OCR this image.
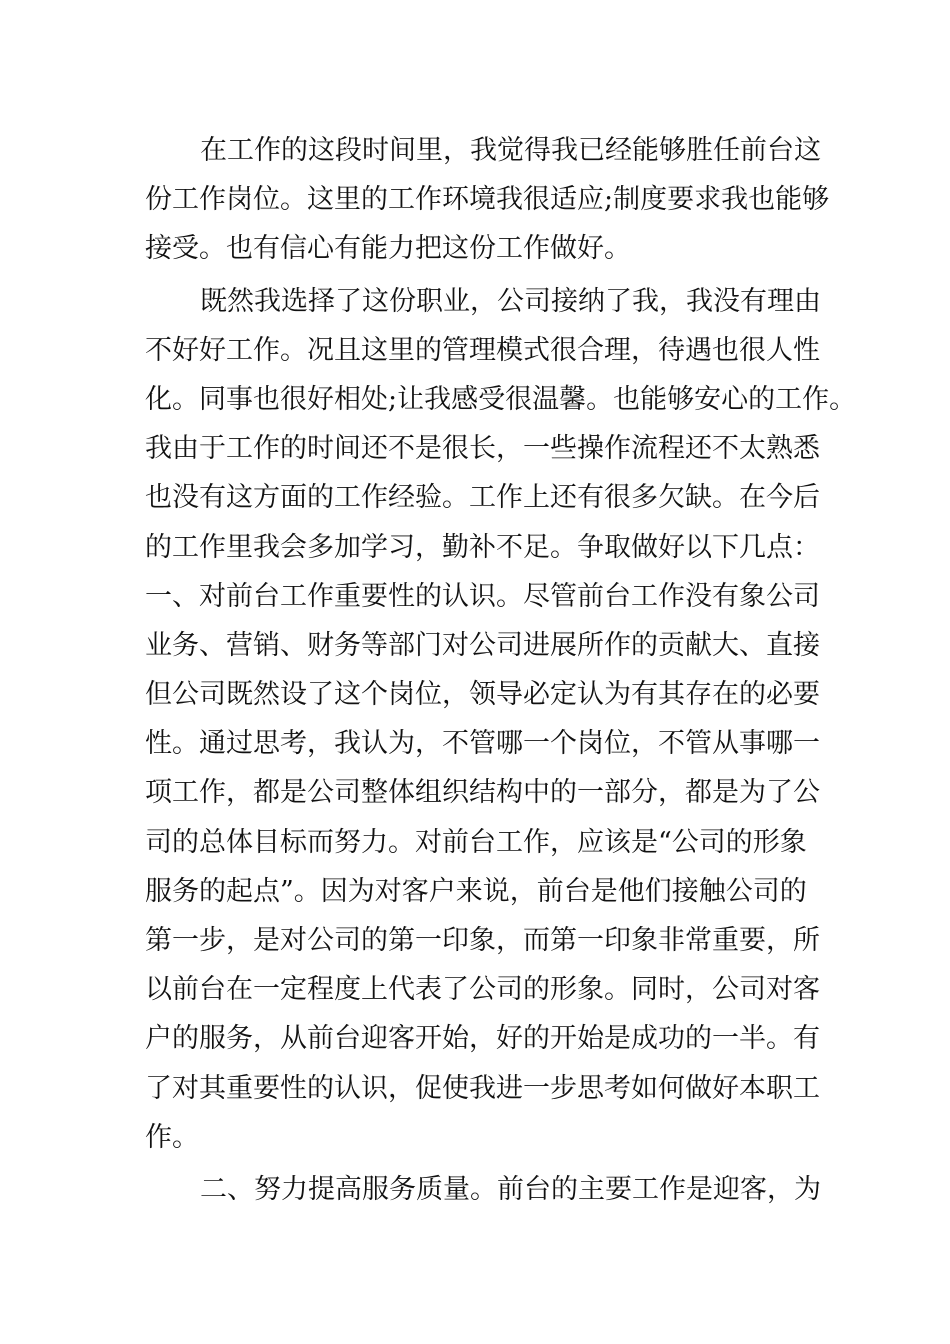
在工作的这段时间里，我觉得我已经能够胜任前台这
份工作岗位。这里的工作环境我很适应;制度要求我也能够
接受。也有信心有能力把这份工作做好。
既然我选择了这份职业，公司接纳了我，我没有理由
不好好工作。况且这里的管理模式很合理，待遇也很人性
化。同事也很好相处;让我感受很温馨。也能够安心的工作。
我由于工作的时间还不是很长，一些操作流程还不太熟悉
也没有这方面的工作经验。工作上还有很多欠缺。在今后
的工作里我会多加学习，勤补不足。争取做好以下几点：
一、对前台工作重要性的认识。尽管前台工作没有象公司
业务、营销、财务等部门对公司进展所作的贡献大、直接
但公司既然设了这个岗位，领导必定认为有其存在的必要
性。通过思考，我认为，不管哪一个岗位，不管从事哪一
项工作，都是公司整体组织结构中的一部分，都是为了公
司的总体目标而努力。对前台工作，应该是“公司的形象
服务的起点”。因为对客户来说，前台是他们接触公司的
第一步，是对公司的第一印象，而第一印象非常重要，所
以前台在一定程度上代表了公司的形象。同时，公司对客
户的服务，从前台迎客开始，好的开始是成功的一半。有
了对其重要性的认识，促使我进一步思考如何做好本职工
作。
二、努力提高服务质量。前台的主要工作是迎客，为
